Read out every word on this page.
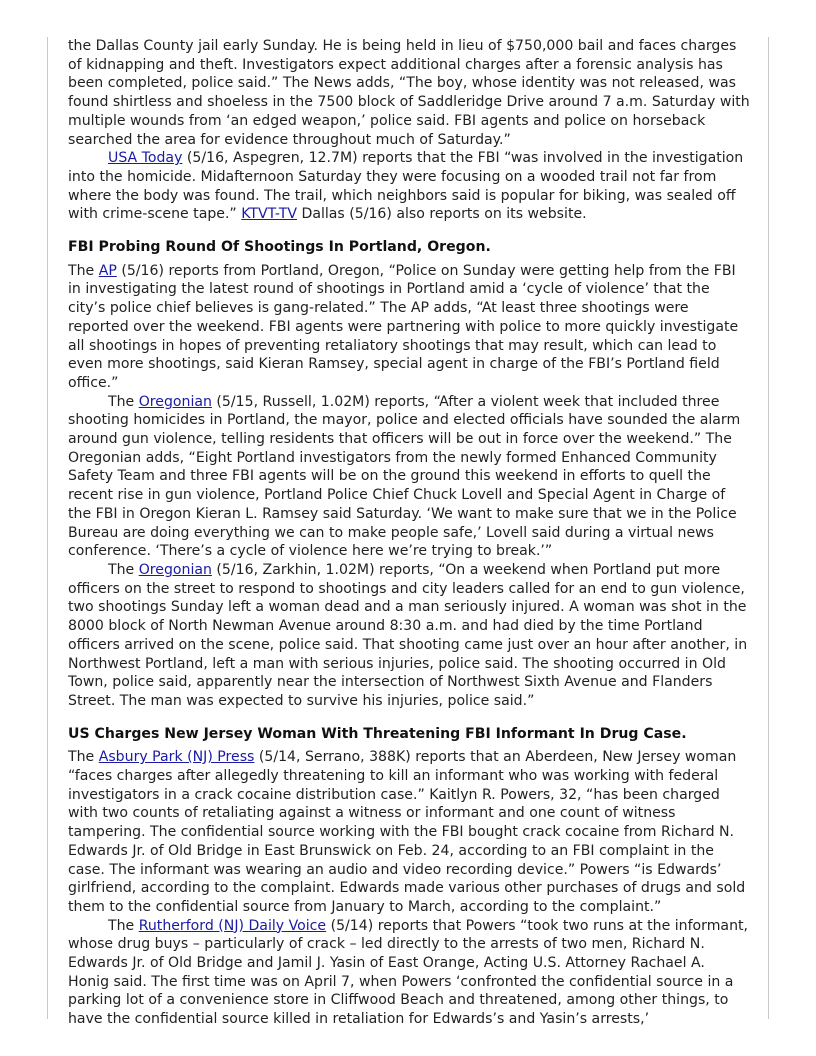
the Dallas County jail early Sunday. He is being held in lieu of $750,000 bail and faces charges of kidnapping and theft. Investigators expect additional charges after a forensic analysis has been completed, police said.” The News adds, “The boy, whose identity was not released, was found shirtless and shoeless in the 7500 block of Saddleridge Drive around 7 a.m. Saturday with multiple wounds from ‘an edged weapon,’ police said. FBI agents and police on horseback searched the area for evidence throughout much of Saturday.”

USA Today (5/16, Aspegren, 12.7M) reports that the FBI “was involved in the investigation into the homicide. Midafternoon Saturday they were focusing on a wooded trail not far from where the body was found. The trail, which neighbors said is popular for biking, was sealed off with crime-scene tape.” KTVT-TV Dallas (5/16) also reports on its website.

FBI Probing Round Of Shootings In Portland, Oregon.

The AP (5/16) reports from Portland, Oregon, “Police on Sunday were getting help from the FBI in investigating the latest round of shootings in Portland amid a ‘cycle of violence’ that the city’s police chief believes is gang-related.” The AP adds, “At least three shootings were reported over the weekend. FBI agents were partnering with police to more quickly investigate all shootings in hopes of preventing retaliatory shootings that may result, which can lead to even more shootings, said Kieran Ramsey, special agent in charge of the FBI’s Portland field office.”

The Oregonian (5/15, Russell, 1.02M) reports, “After a violent week that included three shooting homicides in Portland, the mayor, police and elected officials have sounded the alarm around gun violence, telling residents that officers will be out in force over the weekend.” The Oregonian adds, “Eight Portland investigators from the newly formed Enhanced Community Safety Team and three FBI agents will be on the ground this weekend in efforts to quell the recent rise in gun violence, Portland Police Chief Chuck Lovell and Special Agent in Charge of the FBI in Oregon Kieran L. Ramsey said Saturday. ‘We want to make sure that we in the Police Bureau are doing everything we can to make people safe,’ Lovell said during a virtual news conference. ‘There’s a cycle of violence here we’re trying to break.’”

The Oregonian (5/16, Zarkhin, 1.02M) reports, “On a weekend when Portland put more officers on the street to respond to shootings and city leaders called for an end to gun violence, two shootings Sunday left a woman dead and a man seriously injured. A woman was shot in the 8000 block of North Newman Avenue around 8:30 a.m. and had died by the time Portland officers arrived on the scene, police said. That shooting came just over an hour after another, in Northwest Portland, left a man with serious injuries, police said. The shooting occurred in Old Town, police said, apparently near the intersection of Northwest Sixth Avenue and Flanders Street. The man was expected to survive his injuries, police said.”

US Charges New Jersey Woman With Threatening FBI Informant In Drug Case.

The Asbury Park (NJ) Press (5/14, Serrano, 388K) reports that an Aberdeen, New Jersey woman “faces charges after allegedly threatening to kill an informant who was working with federal investigators in a crack cocaine distribution case.” Kaitlyn R. Powers, 32, “has been charged with two counts of retaliating against a witness or informant and one count of witness tampering. The confidential source working with the FBI bought crack cocaine from Richard N. Edwards Jr. of Old Bridge in East Brunswick on Feb. 24, according to an FBI complaint in the case. The informant was wearing an audio and video recording device.” Powers “is Edwards’ girlfriend, according to the complaint. Edwards made various other purchases of drugs and sold them to the confidential source from January to March, according to the complaint.”

The Rutherford (NJ) Daily Voice (5/14) reports that Powers “took two runs at the informant, whose drug buys – particularly of crack – led directly to the arrests of two men, Richard N. Edwards Jr. of Old Bridge and Jamil J. Yasin of East Orange, Acting U.S. Attorney Rachael A. Honig said. The first time was on April 7, when Powers ‘confronted the confidential source in a parking lot of a convenience store in Cliffwood Beach and threatened, among other things, to have the confidential source killed in retaliation for Edwards’s and Yasin’s arrests,’
